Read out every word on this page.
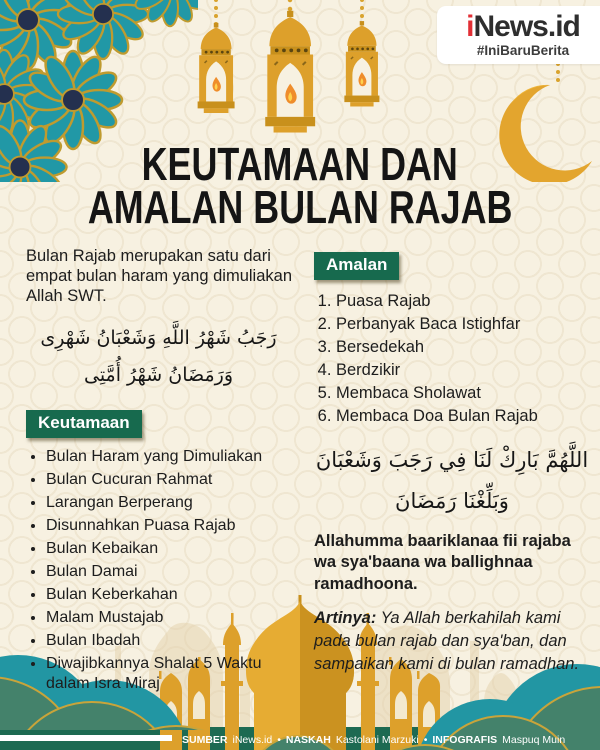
iNews.id
#IniBaruBerita
KEUTAMAAN DAN
AMALAN BULAN RAJAB
Bulan Rajab merupakan satu dari empat bulan haram yang dimuliakan Allah SWT.
رَجَبُ شَهْرُ اللَّهِ وَشَعْبَانُ شَهْرِى
وَرَمَضَانُ شَهْرُ أُمَّتِى
Keutamaan
• Bulan Haram yang Dimuliakan
• Bulan Cucuran Rahmat
• Larangan Berperang
• Disunnahkan Puasa Rajab
• Bulan Kebaikan
• Bulan Damai
• Bulan Keberkahan
• Malam Mustajab
• Bulan Ibadah
• Diwajibkannya Shalat 5 Waktu dalam Isra Miraj
Amalan
1. Puasa Rajab
2. Perbanyak Baca Istighfar
3. Bersedekah
4. Berdzikir
5. Membaca Sholawat
6. Membaca Doa Bulan Rajab
اللَّهُمَّ بَارِكْ لَنَا فِي رَجَبَ وَشَعْبَانَ
وَبَلِّغْنَا رَمَضَانَ
Allahumma baariklanaa fii rajaba wa sya'baana wa ballighnaa ramadhoona.
Artinya: Ya Allah berkahilah kami pada bulan rajab dan sya'ban, dan sampaikan kami di bulan ramadhan.
SUMBER iNews.id • NASKAH Kastolani Marzuki • INFOGRAFIS Maspuq Muin
